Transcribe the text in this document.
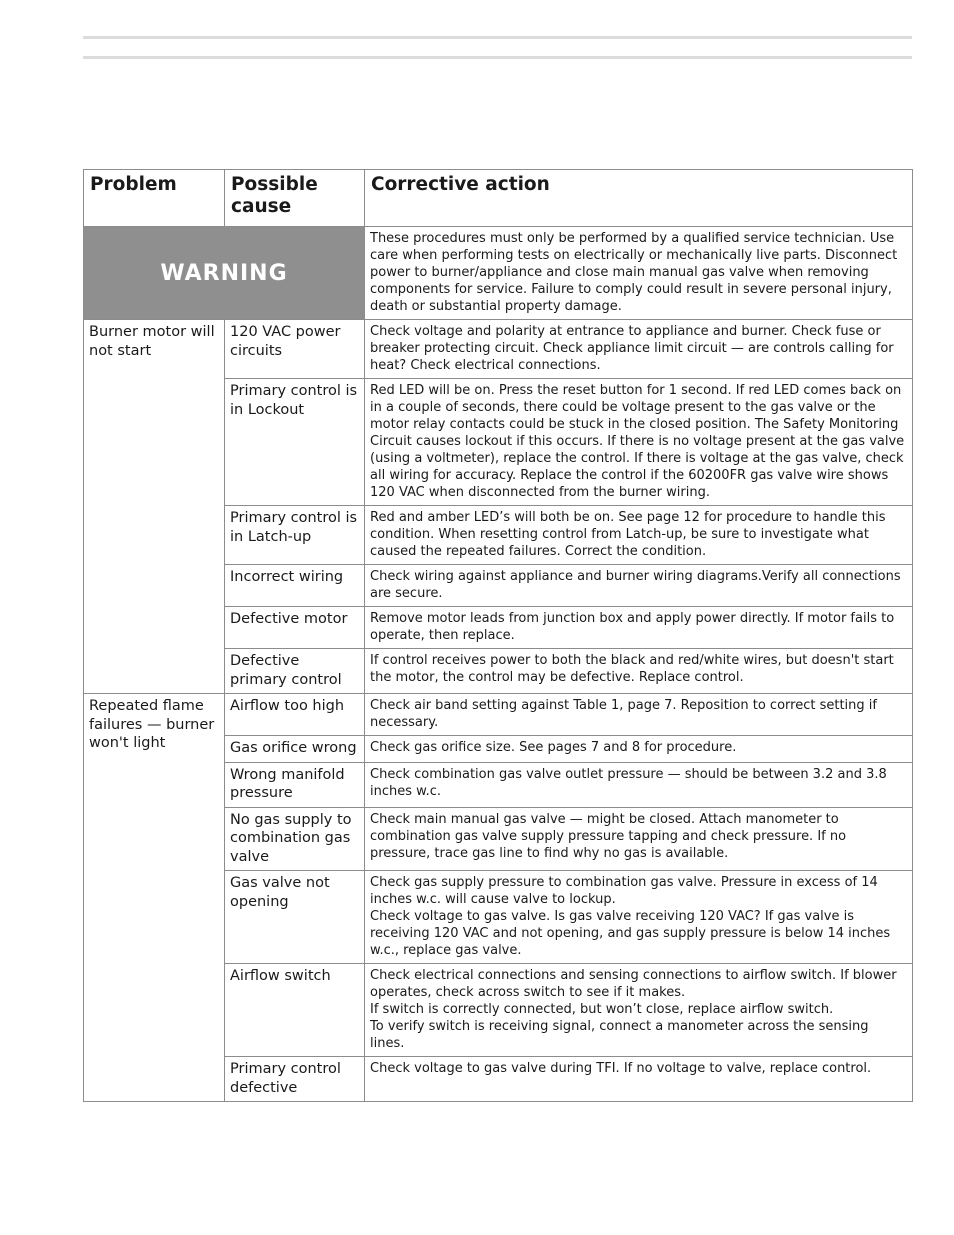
Problem	Possible cause	Corrective action
WARNING		These procedures must only be performed by a qualified service technician. Use care when performing tests on electrically or mechanically live parts. Disconnect power to burner/appliance and close main manual gas valve when removing components for service. Failure to comply could result in severe personal injury, death or substantial property damage.
Burner motor will not start	120 VAC power circuits	Check voltage and polarity at entrance to appliance and burner. Check fuse or breaker protecting circuit. Check appliance limit circuit — are controls calling for heat? Check electrical connections.

	Primary control is in Lockout	Red LED will be on. Press the reset button for 1 second. If red LED comes back on in a couple of seconds, there could be voltage present to the gas valve or the motor relay contacts could be stuck in the closed position. The Safety Monitoring Circuit causes lockout if this occurs. If there is no voltage present at the gas valve (using a voltmeter), replace the control. If there is voltage at the gas valve, check all wiring for accuracy. Replace the control if the 60200FR gas valve wire shows 120 VAC when disconnected from the burner wiring.

	Primary control is in Latch-up	Red and amber LED’s will both be on. See page 12 for procedure to handle this condition. When resetting control from Latch-up, be sure to investigate what caused the repeated failures. Correct the condition.

	Incorrect wiring	Check wiring against appliance and burner wiring diagrams.Verify all connections are secure.

	Defective motor	Remove motor leads from junction box and apply power directly. If motor fails to operate, then replace.

	Defective primary control	If control receives power to both the black and red/white wires, but doesn't start the motor, the control may be defective. Replace control.

Repeated flame failures — burner won't light	Airflow too high	Check air band setting against Table 1, page 7. Reposition to correct setting if necessary.

	Gas orifice wrong	Check gas orifice size. See pages 7 and 8 for procedure.

	Wrong manifold pressure	Check combination gas valve outlet pressure — should be between 3.2 and 3.8 inches w.c.

	No gas supply to combination gas valve	Check main manual gas valve — might be closed. Attach manometer to combination gas valve supply pressure tapping and check pressure. If no pressure, trace gas line to find why no gas is available.

	Gas valve not opening	Check gas supply pressure to combination gas valve. Pressure in excess of 14 inches w.c. will cause valve to lockup.
Check voltage to gas valve. Is gas valve receiving 120 VAC? If gas valve is receiving 120 VAC and not opening, and gas supply pressure is below 14 inches w.c., replace gas valve.

	Airflow switch	Check electrical connections and sensing connections to airflow switch. If blower operates, check across switch to see if it makes.
If switch is correctly connected, but won’t close, replace airflow switch.
To verify switch is receiving signal, connect a manometer across the sensing lines.

	Primary control defective	Check voltage to gas valve during TFI. If no voltage to valve, replace control.
